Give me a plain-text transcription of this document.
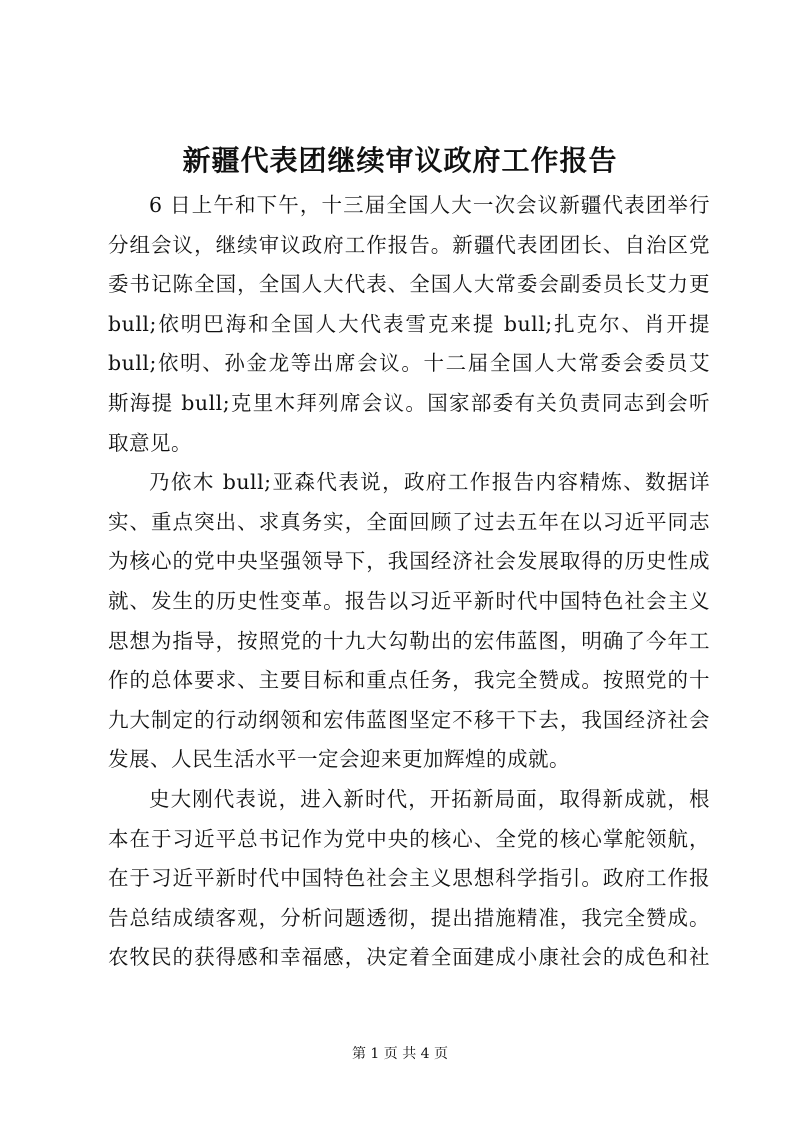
新疆代表团继续审议政府工作报告
6 日上午和下午，十三届全国人大一次会议新疆代表团举行
分组会议，继续审议政府工作报告。新疆代表团团长、自治区党
委书记陈全国，全国人大代表、全国人大常委会副委员长艾力更
bull;依明巴海和全国人大代表雪克来提 bull;扎克尔、肖开提
bull;依明、孙金龙等出席会议。十二届全国人大常委会委员艾
斯海提 bull;克里木拜列席会议。国家部委有关负责同志到会听
取意见。
乃依木 bull;亚森代表说，政府工作报告内容精炼、数据详
实、重点突出、求真务实，全面回顾了过去五年在以习近平同志
为核心的党中央坚强领导下，我国经济社会发展取得的历史性成
就、发生的历史性变革。报告以习近平新时代中国特色社会主义
思想为指导，按照党的十九大勾勒出的宏伟蓝图，明确了今年工
作的总体要求、主要目标和重点任务，我完全赞成。按照党的十
九大制定的行动纲领和宏伟蓝图坚定不移干下去，我国经济社会
发展、人民生活水平一定会迎来更加辉煌的成就。
史大刚代表说，进入新时代，开拓新局面，取得新成就，根
本在于习近平总书记作为党中央的核心、全党的核心掌舵领航，
在于习近平新时代中国特色社会主义思想科学指引。政府工作报
告总结成绩客观，分析问题透彻，提出措施精准，我完全赞成。
农牧民的获得感和幸福感，决定着全面建成小康社会的成色和社
第 1 页 共 4 页
